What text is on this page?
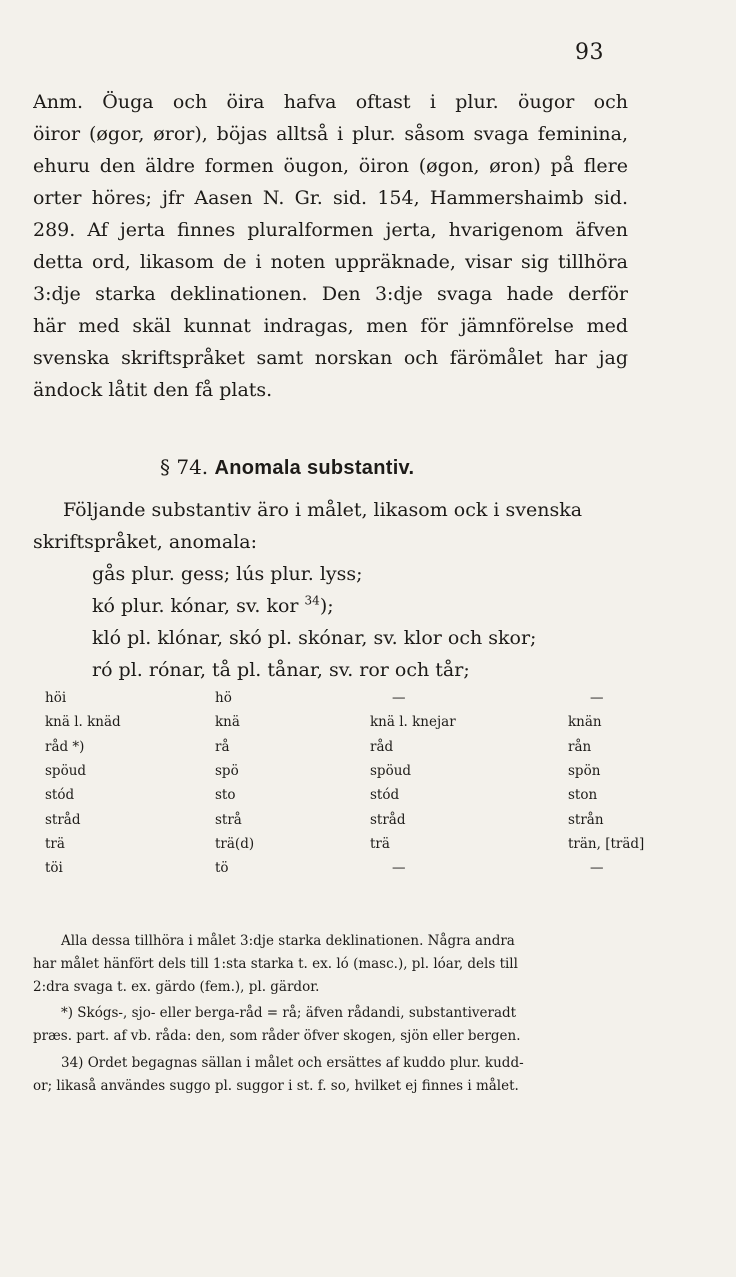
93
Anm. Öuga och öira hafva oftast i plur. öugor och
öiror (øgor, øror), böjas alltså i plur. såsom svaga feminina,
ehuru den äldre formen öugon, öiron (øgon, øron) på flere
orter höres; jfr Aasen N. Gr. sid. 154, Hammershaimb sid.
289. Af jerta finnes pluralformen jerta, hvarigenom äfven
detta ord, likasom de i noten uppräknade, visar sig tillhöra
3:dje starka deklinationen. Den 3:dje svaga hade derför
här med skäl kunnat indragas, men för jämnförelse med
svenska skriftspråket samt norskan och färömålet har jag
ändock låtit den få plats.
§ 74. Anomala substantiv.
Följande substantiv äro i målet, likasom ock i svenska
skriftspråket, anomala:
gås plur. gess; lús plur. lyss;
kó plur. kónar, sv. kor $^{34}$);
kló pl. klónar, skó pl. skónar, sv. klor och skor;
ró pl. rónar, tå pl. tånar, sv. ror och tår;
höi	hö	—	—
knä l. knäd	knä	knä l. knejar	knän
råd *)	rå	råd	rån
spöud	spö	spöud	spön
stód	sto	stód	ston
stråd	strå	stråd	strån
trä	trä(d)	trä	trän, [träd]
töi	tö	—	—
Alla dessa tillhöra i målet 3:dje starka deklinationen. Några andra
har målet hänfört dels till 1:sta starka t. ex. ló (masc.), pl. lóar, dels till
2:dra svaga t. ex. gärdo (fem.), pl. gärdor.
*) Skógs-, sjo- eller berga-råd = rå; äfven rådandi, substantiveradt
præs. part. af vb. råda: den, som råder öfver skogen, sjön eller bergen.
34) Ordet begagnas sällan i målet och ersättes af kuddo plur. kudd-
or; likaså användes suggo pl. suggor i st. f. so, hvilket ej finnes i målet.
